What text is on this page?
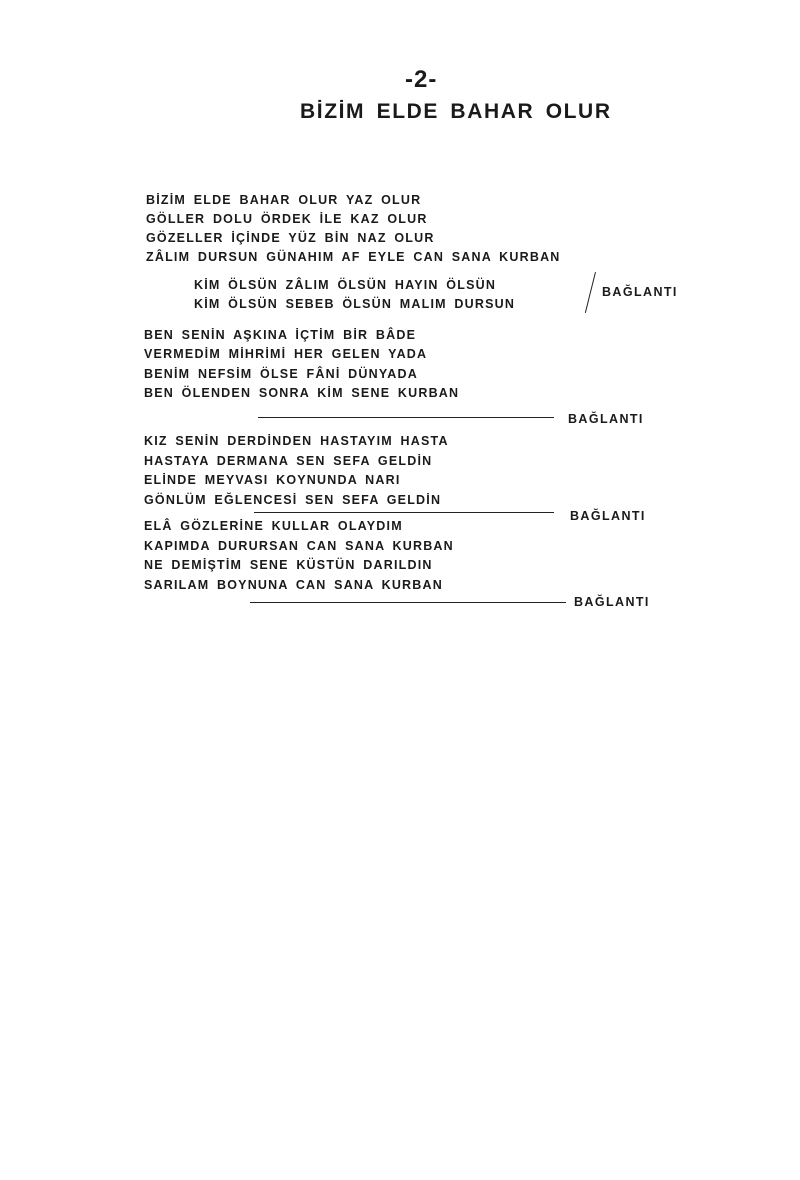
-2-
BİZİM ELDE BAHAR OLUR
BİZİM ELDE BAHAR OLUR YAZ OLUR
GÖLLER DOLU ÖRDEK İLE KAZ OLUR
GÖZELLER İÇİNDE YÜZ BİN NAZ OLUR
ZÂLIM DURSUN GÜNAHIM AF EYLE CAN SANA KURBAN
KİM ÖLSÜN ZÂLIM ÖLSÜN HAYIN ÖLSÜN
KİM ÖLSÜN SEBEB ÖLSÜN MALIM DURSUN
BAĞLANTI
BEN SENİN AŞKINA İÇTİM BİR BÂDE
VERMEDİM MİHRİMİ HER GELEN YADA
BENİM NEFSİM ÖLSE FÂNİ DÜNYADA
BEN ÖLENDEN SONRA KİM SENE KURBAN
BAĞLANTI
KIZ SENİN DERDİNDEN HASTAYIM HASTA
HASTAYA DERMANA SEN SEFA GELDİN
ELİNDE MEYVASI KOYNUNDA NARI
GÖNLÜM EĞLENCESİ SEN SEFA GELDİN
BAĞLANTI
ELÂ GÖZLERİNE KULLAR OLAYDIM
KAPIMDA DURURSAN CAN SANA KURBAN
NE DEMİŞTİM SENE KÜSTÜN DARILDIN
SARILAM BOYNUNA CAN SANA KURBAN
BAĞLANTI
